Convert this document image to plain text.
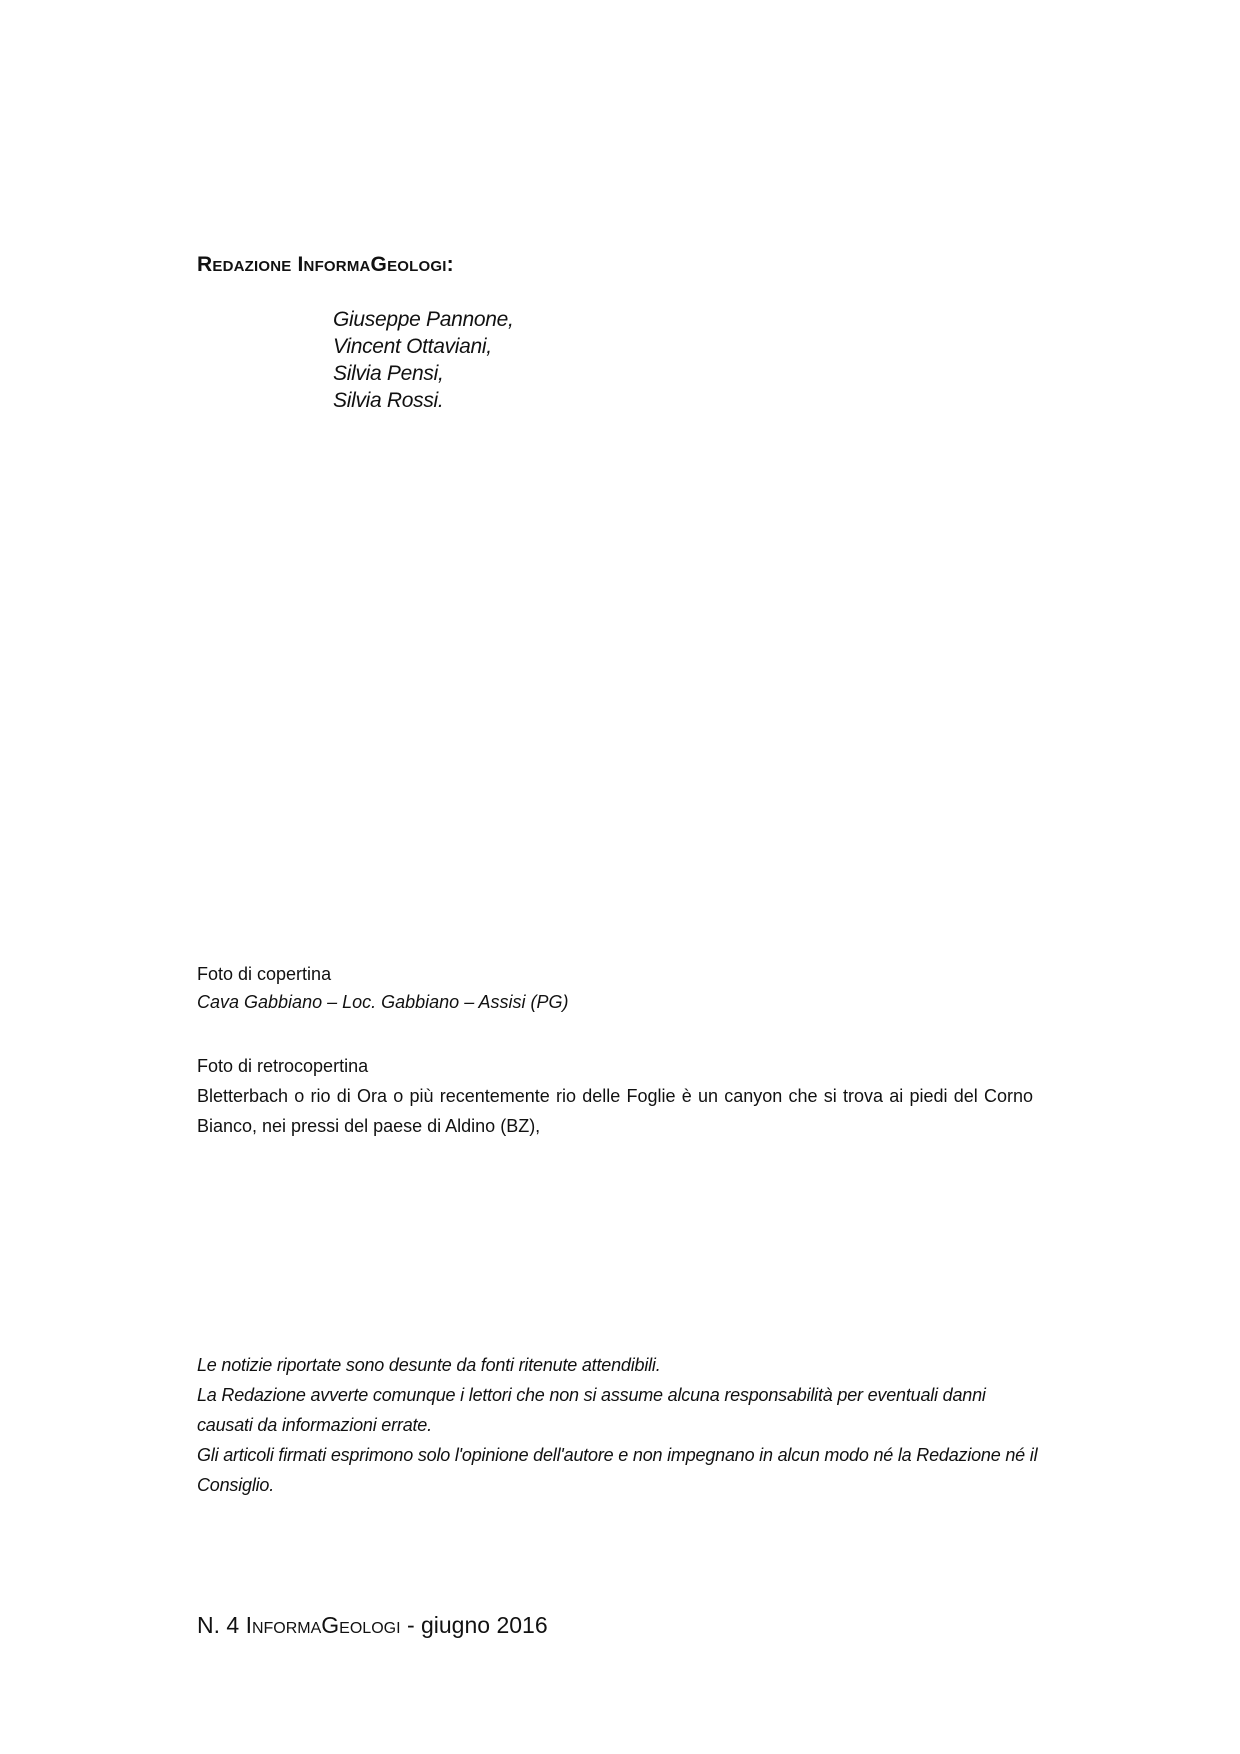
Redazione InformaGeologi:
Giuseppe Pannone,
Vincent Ottaviani,
Silvia Pensi,
Silvia Rossi.
Foto di copertina
Cava Gabbiano – Loc. Gabbiano – Assisi (PG)
Foto di retrocopertina
Bletterbach o rio di Ora o più recentemente rio delle Foglie è un canyon che si trova ai piedi del Corno Bianco, nei pressi del paese di Aldino (BZ),

Le notizie riportate sono desunte da fonti ritenute attendibili.

La Redazione avverte comunque i lettori che non si assume alcuna responsabilità per eventuali danni causati da informazioni errate.

Gli articoli firmati esprimono solo l'opinione dell'autore e non impegnano in alcun modo né la Redazione né il Consiglio.

N. 4 InformaGeologi - giugno 2016
